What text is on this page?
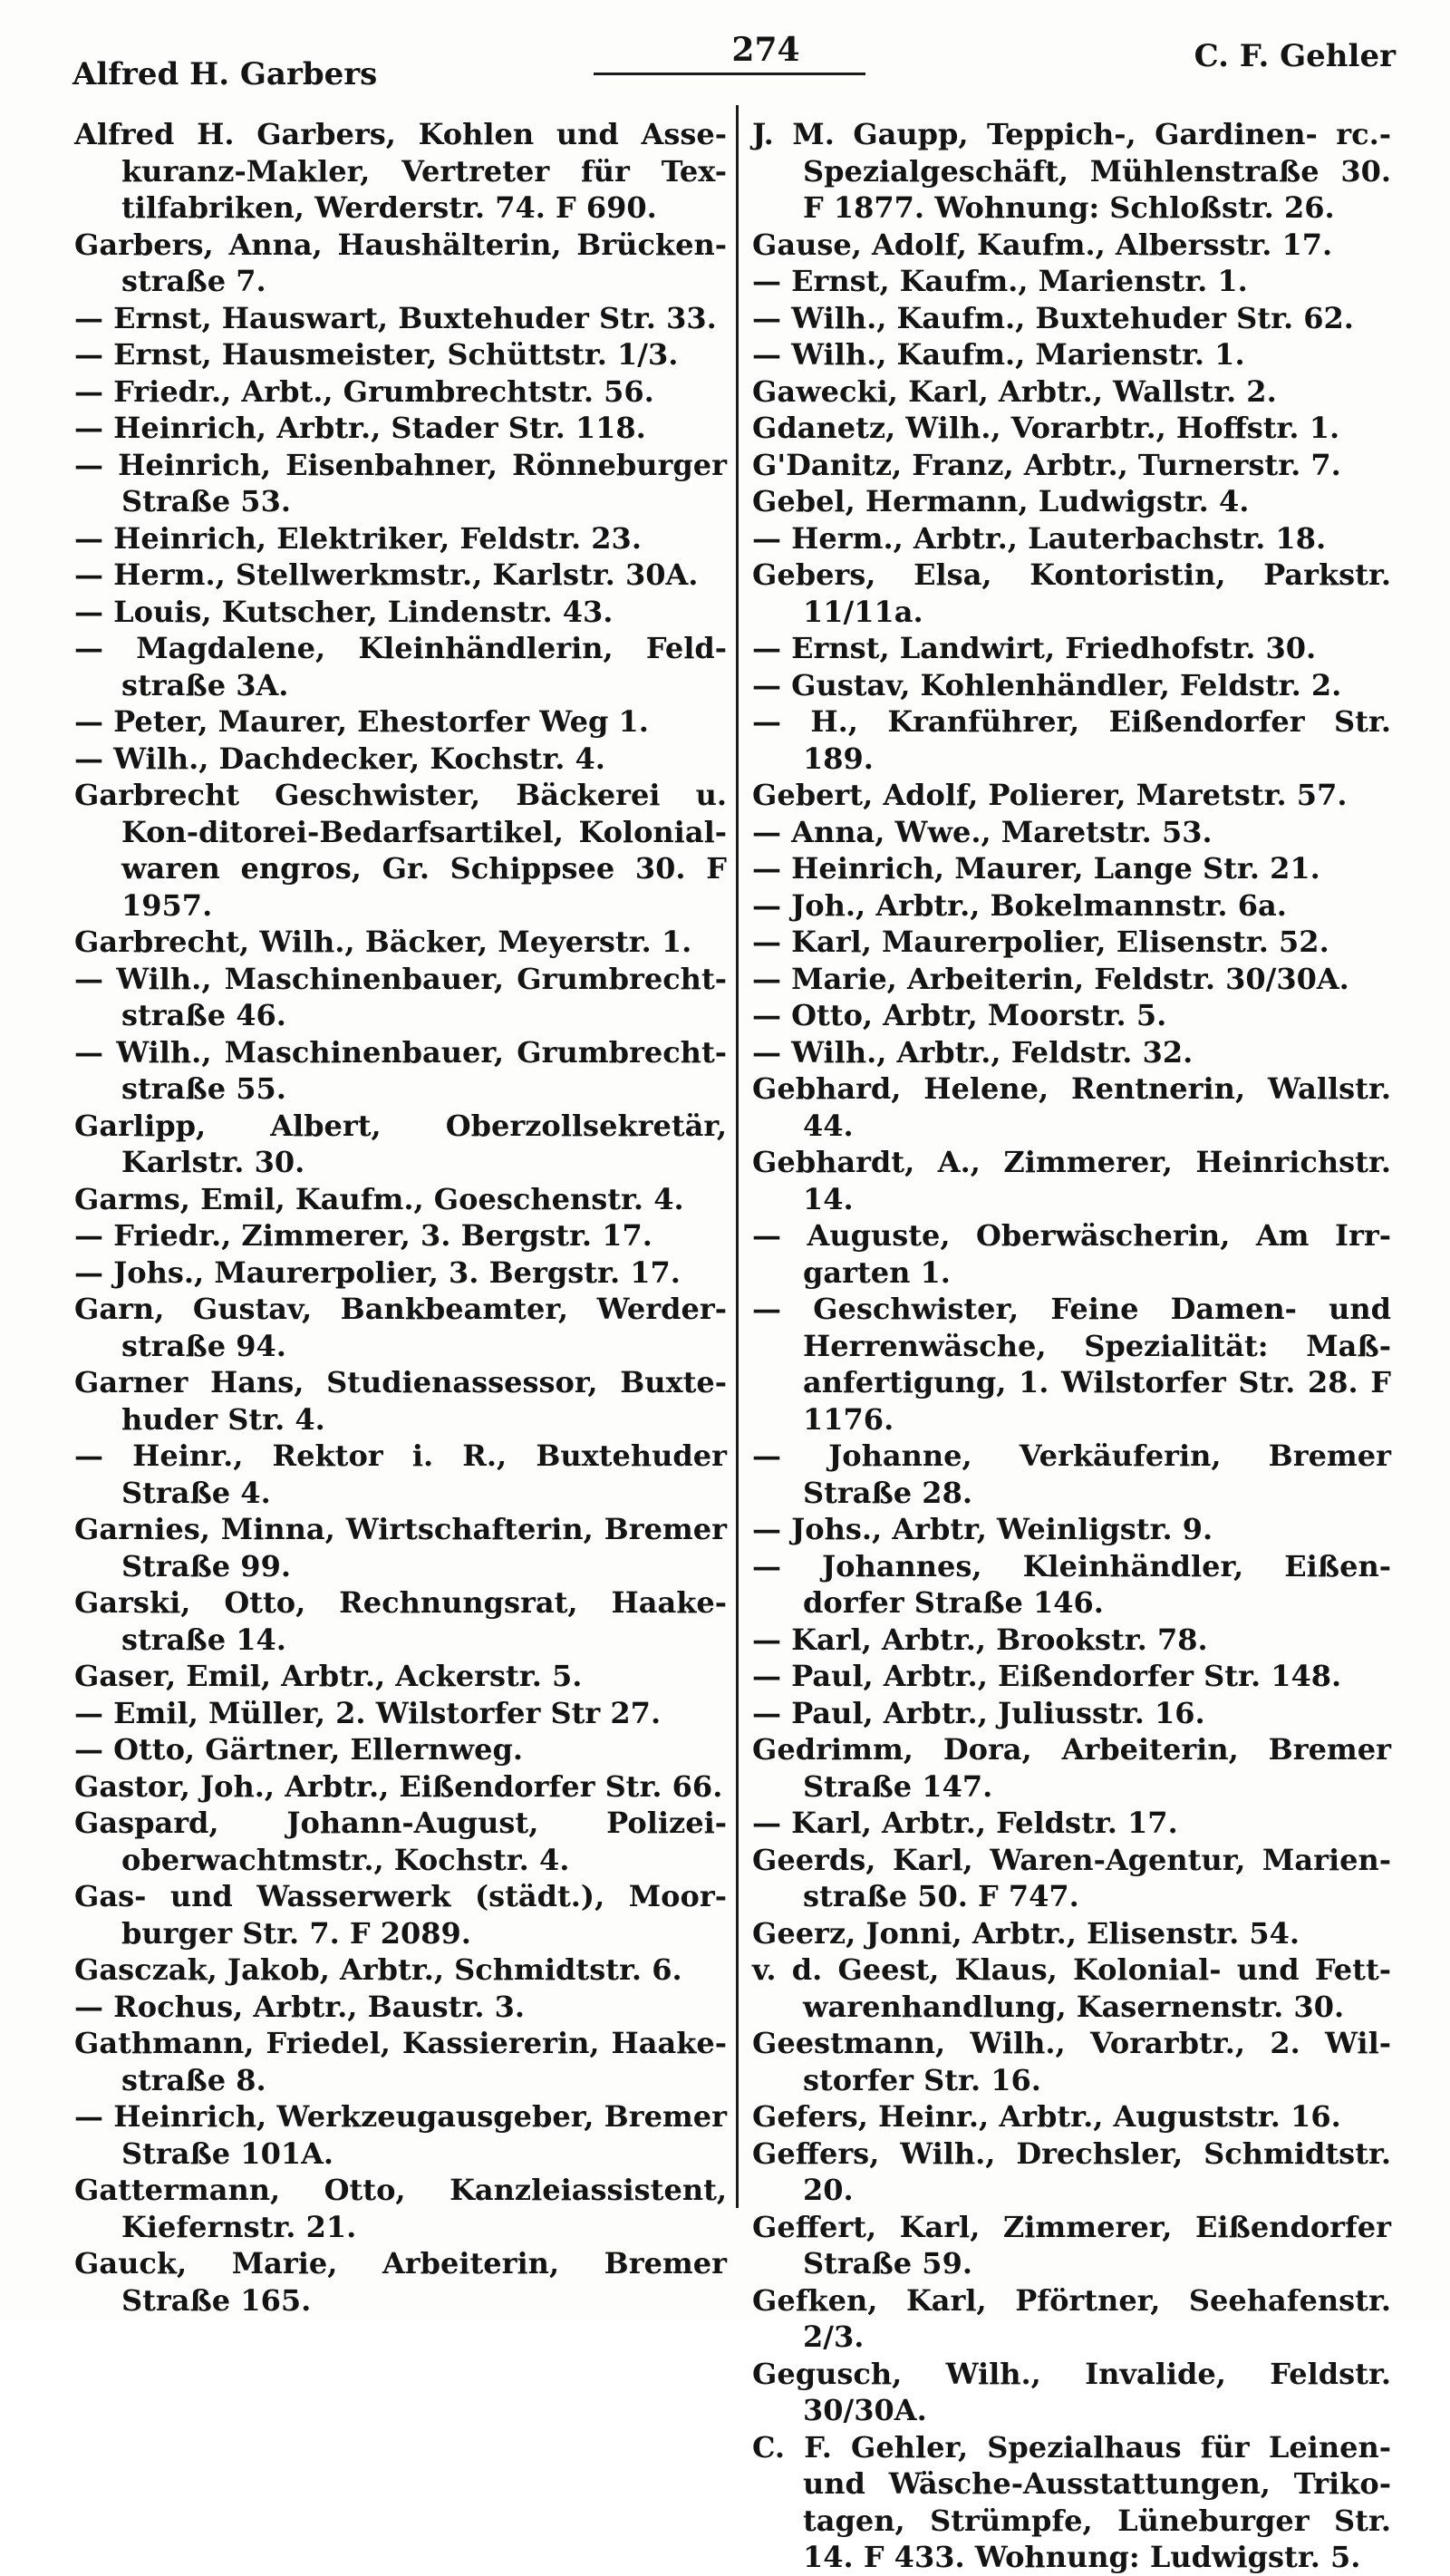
Alfred H. Garbers
274	C. F. Gehler

Alfred H. Garbers, Kohlen und Asse-kuranz-Makler, Vertreter für Tex-tilfabriken, Werderstr. 74. F 690.

Garbers, Anna, Haushälterin, Brücken-straße 7.

— Ernst, Hauswart, Buxtehuder Str. 33.

— Ernst, Hausmeister, Schüttstr. 1/3.

— Friedr., Arbt., Grumbrechtstr. 56.

— Heinrich, Arbtr., Stader Str. 118.

— Heinrich, Eisenbahner, Rönneburger Straße 53.

— Heinrich, Elektriker, Feldstr. 23.

— Herm., Stellwerkmstr., Karlstr. 30A.

— Louis, Kutscher, Lindenstr. 43.

— Magdalene, Kleinhändlerin, Feld-straße 3A.

— Peter, Maurer, Ehestorfer Weg 1.

— Wilh., Dachdecker, Kochstr. 4.

Garbrecht Geschwister, Bäckerei u. Kon-ditorei-Bedarfsartikel, Kolonial-waren engros, Gr. Schippsee 30. F 1957.

Garbrecht, Wilh., Bäcker, Meyerstr. 1.

— Wilh., Maschinenbauer, Grumbrecht-straße 46.

— Wilh., Maschinenbauer, Grumbrecht-straße 55.

Garlipp, Albert, Oberzollsekretär, Karlstr. 30.

Garms, Emil, Kaufm., Goeschenstr. 4.

— Friedr., Zimmerer, 3. Bergstr. 17.

— Johs., Maurerpolier, 3. Bergstr. 17.

Garn, Gustav, Bankbeamter, Werder-straße 94.

Garner Hans, Studienassessor, Buxte-huder Str. 4.

— Heinr., Rektor i. R., Buxtehuder Straße 4.

Garnies, Minna, Wirtschafterin, Bremer Straße 99.

Garski, Otto, Rechnungsrat, Haake-straße 14.

Gaser, Emil, Arbtr., Ackerstr. 5.

— Emil, Müller, 2. Wilstorfer Str 27.

— Otto, Gärtner, Ellernweg.

Gastor, Joh., Arbtr., Eißendorfer Str. 66.

Gaspard, Johann-August, Polizei-oberwachtmstr., Kochstr. 4.

Gas- und Wasserwerk (städt.), Moor-burger Str. 7. F 2089.

Gasczak, Jakob, Arbtr., Schmidtstr. 6.

— Rochus, Arbtr., Baustr. 3.

Gathmann, Friedel, Kassiererin, Haake-straße 8.

— Heinrich, Werkzeugausgeber, Bremer Straße 101A.

Gattermann, Otto, Kanzleiassistent, Kiefernstr. 21.

Gauck, Marie, Arbeiterin, Bremer Straße 165.

J. M. Gaupp, Teppich-, Gardinen- rc.-Spezialgeschäft, Mühlenstraße 30. F 1877. Wohnung: Schloßstr. 26.

Gause, Adolf, Kaufm., Albersstr. 17.

— Ernst, Kaufm., Marienstr. 1.

— Wilh., Kaufm., Buxtehuder Str. 62.

— Wilh., Kaufm., Marienstr. 1.

Gawecki, Karl, Arbtr., Wallstr. 2.

Gdanetz, Wilh., Vorarbtr., Hoffstr. 1.

G'Danitz, Franz, Arbtr., Turnerstr. 7.

Gebel, Hermann, Ludwigstr. 4.

— Herm., Arbtr., Lauterbachstr. 18.

Gebers, Elsa, Kontoristin, Parkstr. 11/11a.

— Ernst, Landwirt, Friedhofstr. 30.

— Gustav, Kohlenhändler, Feldstr. 2.

— H., Kranführer, Eißendorfer Str. 189.

Gebert, Adolf, Polierer, Maretstr. 57.

— Anna, Wwe., Maretstr. 53.

— Heinrich, Maurer, Lange Str. 21.

— Joh., Arbtr., Bokelmannstr. 6a.

— Karl, Maurerpolier, Elisenstr. 52.

— Marie, Arbeiterin, Feldstr. 30/30A.

— Otto, Arbtr, Moorstr. 5.

— Wilh., Arbtr., Feldstr. 32.

Gebhard, Helene, Rentnerin, Wallstr. 44.

Gebhardt, A., Zimmerer, Heinrichstr. 14.

— Auguste, Oberwäscherin, Am Irr-garten 1.

— Geschwister, Feine Damen- und Herrenwäsche, Spezialität: Maß-anfertigung, 1. Wilstorfer Str. 28. F 1176.

— Johanne, Verkäuferin, Bremer Straße 28.

— Johs., Arbtr, Weinligstr. 9.

— Johannes, Kleinhändler, Eißen-dorfer Straße 146.

— Karl, Arbtr., Brookstr. 78.

— Paul, Arbtr., Eißendorfer Str. 148.

— Paul, Arbtr., Juliusstr. 16.

Gedrimm, Dora, Arbeiterin, Bremer Straße 147.

— Karl, Arbtr., Feldstr. 17.

Geerds, Karl, Waren-Agentur, Marien-straße 50. F 747.

Geerz, Jonni, Arbtr., Elisenstr. 54.

v. d. Geest, Klaus, Kolonial- und Fett-warenhandlung, Kasernenstr. 30.

Geestmann, Wilh., Vorarbtr., 2. Wil-storfer Str. 16.

Gefers, Heinr., Arbtr., Auguststr. 16.

Geffers, Wilh., Drechsler, Schmidtstr. 20.

Geffert, Karl, Zimmerer, Eißendorfer Straße 59.

Gefken, Karl, Pförtner, Seehafenstr. 2/3.

Gegusch, Wilh., Invalide, Feldstr. 30/30A.

C. F. Gehler, Spezialhaus für Leinen- und Wäsche-Ausstattungen, Triko-tagen, Strümpfe, Lüneburger Str. 14. F 433. Wohnung: Ludwigstr. 5.
